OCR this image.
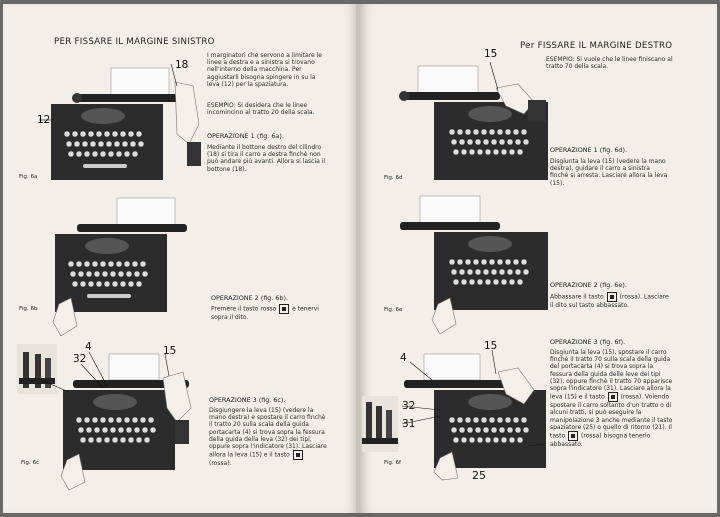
PER FISSARE IL MARGINE SINISTRO
I marginatori che servono a limitare le linee a destra e a sinistra si trovano nell'interno della macchina. Per aggiustarli bisogna spingere in su la leva (12) per la spaziatura.
ESEMPIO: Si desidera che le linee incomincino al tratto 20 della scala.
OPERAZIONE 1 (fig. 6a).
Mediante il bottone destro del cilindro (18) si tira il carro a destra finchè non può andare più avanti. Allora si lascia il bottone (18).
OPERAZIONE 2 (fig. 6b).
Premere il tasto rosso	e tenervi sopra il dito.
OPERAZIONE 3 (fig. 6c).
Disgiungere la leva (15) (vedere la mano destra) e spostare il carro finchè il tratto 20 sulla scala della guida portacarta (4) si trova sopra la fessura della guida della leva (32) dei tipi, oppure sopra l'indicatore (31). Lasciare allora la leva (15) e il tasto  (rossa).
Fig. 6a
Fig. 6b
Fig. 6c
12
18
4	15
32
Per FISSARE IL MARGINE DESTRO
ESEMPIO: Si vuole che le linee finiscano al tratto 70 della scala.
OPERAZIONE 1 (fig. 6d).
Disgiunta la leva (15) (vedere la mano destra), guidare il carro a sinistra finchè si arresta. Lasciare allora la leva (15).
OPERAZIONE 2 (fig. 6e).
Abbassare il tasto	(rossa). Lasciare il dito sul tasto abbassato.
OPERAZIONE 3 (fig. 6f).
Disgiunta la leva (15), spostare il carro finchè il tratto 70 sulla scala della guida del portacarta (4) si trova sopra la fessura della guida delle leve dei tipi (32), oppure finchè il tratto 70 apparisce sopra l'indicatore (31). Lasciare allora la leva (15) e il tasto	(rossa). Volendo spostare il carro soltanto d'un tratto o di alcuni tratti, si può eseguire la manipolazione 3 anche mediante il tasto spaziatore (25) o quello di ritorno (21). Il tasto	(rossa) bisogna tenerlo abbassato.
Fig. 6d
Fig. 6e
Fig. 6f
15
4
15
32
31
25
